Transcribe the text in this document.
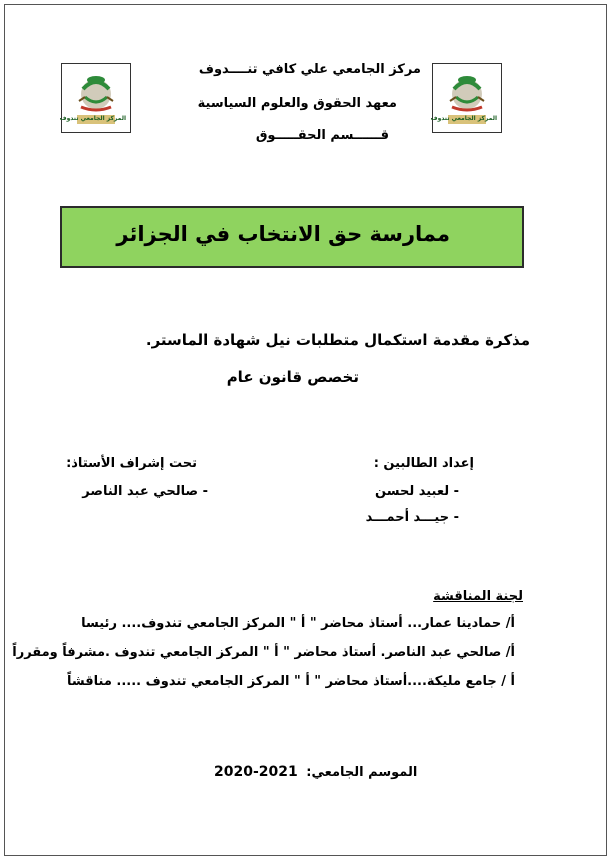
المركز الجامعي تندوف	المركز الجامعي تندوف
مركز الجامعي علي كافي تنــــدوف
معهد الحقوق والعلوم السياسية
قــــــسم الحقـــــوق
ممارسة حق الانتخاب في الجزائر
مذكرة مقدمة استكمال متطلبات نيل شهادة الماستر.
تخصص قانون عام
إعداد الطالبين :
- لعبيد لحسن
- جيـــد أحمـــد
تحت إشراف الأستاذ:
- صالحي عبد الناصر
لجنة المناقشة
أ/ حمادينا عمار... أستاذ محاضر " أ " المركز الجامعي تندوف.... رئيسا
أ/ صالحي عبد الناصر. أستاذ محاضر " أ " المركز الجامعي تندوف .مشرفاً ومقرراً
أ / جامع مليكة....أستاذ محاضر " أ " المركز الجامعي تندوف ..... مناقشاً
2020-2021 الموسم الجامعي:
